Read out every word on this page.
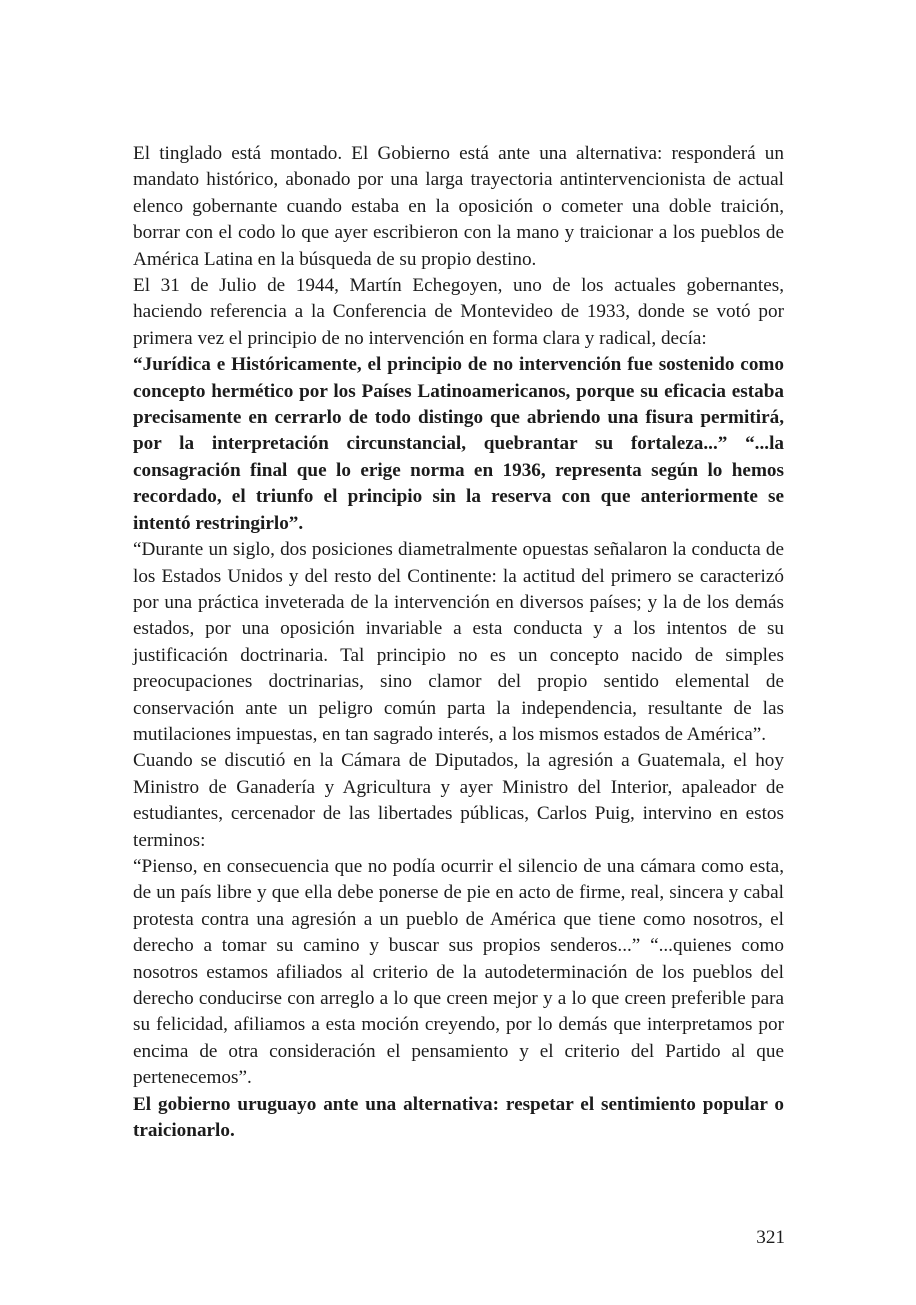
El tinglado está montado. El Gobierno está ante una alternativa: responderá un mandato histórico, abonado por una larga trayectoria antintervencionista de actual elenco gobernante cuando estaba en la oposición o cometer una doble traición, borrar con el codo lo que ayer escribieron con la mano y traicionar a los pueblos de América Latina en la búsqueda de su propio destino.

El 31 de Julio de 1944, Martín Echegoyen, uno de los actuales gobernantes, haciendo referencia a la Conferencia de Montevideo de 1933, donde se votó por primera vez el principio de no intervención en forma clara y radical, decía:

“Jurídica e Históricamente, el principio de no intervención fue sostenido como concepto hermético por los Países Latinoamericanos, porque su eficacia estaba precisamente en cerrarlo de todo distingo que abriendo una fisura permitirá, por la interpretación circunstancial, quebrantar su fortaleza...” “...la consagración final que lo erige norma en 1936, representa según lo hemos recordado, el triunfo el principio sin la reserva con que anteriormente se intentó restringirlo”.

“Durante un siglo, dos posiciones diametralmente opuestas señalaron la conducta de los Estados Unidos y del resto del Continente: la actitud del primero se caracterizó por una práctica inveterada de la intervención en diversos países; y la de los demás estados, por una oposición invariable a esta conducta y a los intentos de su justificación doctrinaria. Tal principio no es un concepto nacido de simples preocupaciones doctrinarias, sino clamor del propio sentido elemental de conservación ante un peligro común parta la independencia, resultante de las mutilaciones impuestas, en tan sagrado interés, a los mismos estados de América”.

Cuando se discutió en la Cámara de Diputados, la agresión a Guatemala, el hoy Ministro de Ganadería y Agricultura y ayer Ministro del Interior, apaleador de estudiantes, cercenador de las libertades públicas, Carlos Puig, intervino en estos terminos:

“Pienso, en consecuencia que no podía ocurrir el silencio de una cámara como esta, de un país libre y que ella debe ponerse de pie en acto de firme, real, sincera y cabal protesta contra una agresión a un pueblo de América que tiene como nosotros, el derecho a tomar su camino y buscar sus propios senderos...” “...quienes como nosotros estamos afiliados al criterio de la autodeterminación de los pueblos del derecho conducirse con arreglo a lo que creen mejor y a lo que creen preferible para su felicidad, afiliamos a esta moción creyendo, por lo demás que interpretamos por encima de otra consideración el pensamiento y el criterio del Partido al que pertenecemos”.

El gobierno uruguayo ante una alternativa: respetar el sentimiento popular o traicionarlo.

321
